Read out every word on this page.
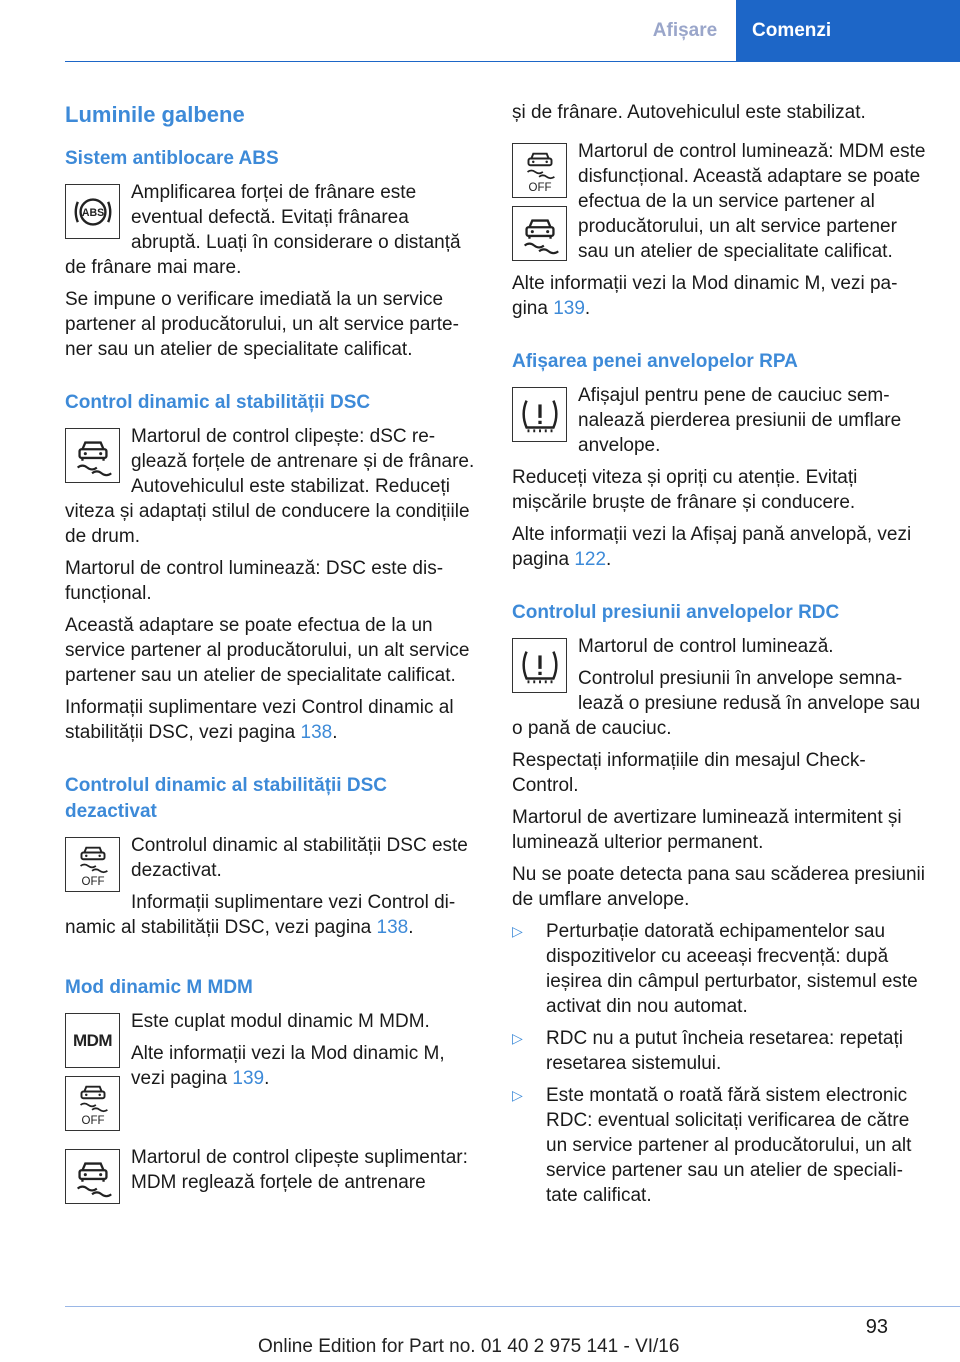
Afișare	Comenzi
Luminile galbene
Sistem antiblocare ABS
ABS

Amplificarea forței de frânare este eventual defectă. Evitați frânarea abruptă. Luați în considerare o distanță de frânare mai mare.

Se impune o verificare imediată la un service partener al producătorului, un alt service partener sau un atelier de specialitate calificat.

Control dinamic al stabilității DSC

Martorul de control clipește: dSC reglează forțele de antrenare și de frânare. Autovehiculul este stabilizat. Reduceți viteza și adaptați stilul de conducere la condițiile de drum.

Martorul de control luminează: DSC este disfuncțional.

Această adaptare se poate efectua de la un service partener al producătorului, un alt service partener sau un atelier de specialitate calificat.

Informații suplimentare vezi Control dinamic al stabilității DSC, vezi pagina 138.

Controlul dinamic al stabilității DSC dezactivat

Controlul dinamic al stabilității DSC este dezactivat.

Informații suplimentare vezi Control dinamic al stabilității DSC, vezi pagina 138.

Mod dinamic M MDM
MDM

Este cuplat modul dinamic M MDM.

Alte informații vezi la Mod dinamic M, vezi pagina 139.

Martorul de control clipește suplimentar: MDM reglează forțele de antrenare

și de frânare. Autovehiculul este stabilizat.

Martorul de control luminează: MDM este disfuncțional. Această adaptare se poate efectua de la un service partener al producătorului, un alt service partener sau un atelier de specialitate calificat.

Alte informații vezi la Mod dinamic M, vezi pagina 139.

Afișarea penei anvelopelor RPA

Afișajul pentru pene de cauciuc semnalează pierderea presiunii de umflare anvelope.

Reduceți viteza și opriți cu atenție. Evitați mișcările bruște de frânare și conducere.

Alte informații vezi la Afișaj pană anvelopă, vezi pagina 122.

Controlul presiunii anvelopelor RDC

Martorul de control luminează.

Controlul presiunii în anvelope semnalează o presiune redusă în anvelope sau o pană de cauciuc.

Respectați informațiile din mesajul Check-Control.

Martorul de avertizare luminează intermitent și luminează ulterior permanent.

Nu se poate detecta pana sau scăderea presiunii de umflare anvelope.

▷ Perturbație datorată echipamentelor sau dispozitivelor cu aceeași frecvență: după ieșirea din câmpul perturbator, sistemul este activat din nou automat.
▷ RDC nu a putut încheia resetarea: repetați resetarea sistemului.
▷ Este montată o roată fără sistem electronic RDC: eventual solicitați verificarea de către un service partener al producătorului, un alt service partener sau un atelier de specialitate calificat.
93
Online Edition for Part no. 01 40 2 975 141 - VI/16
